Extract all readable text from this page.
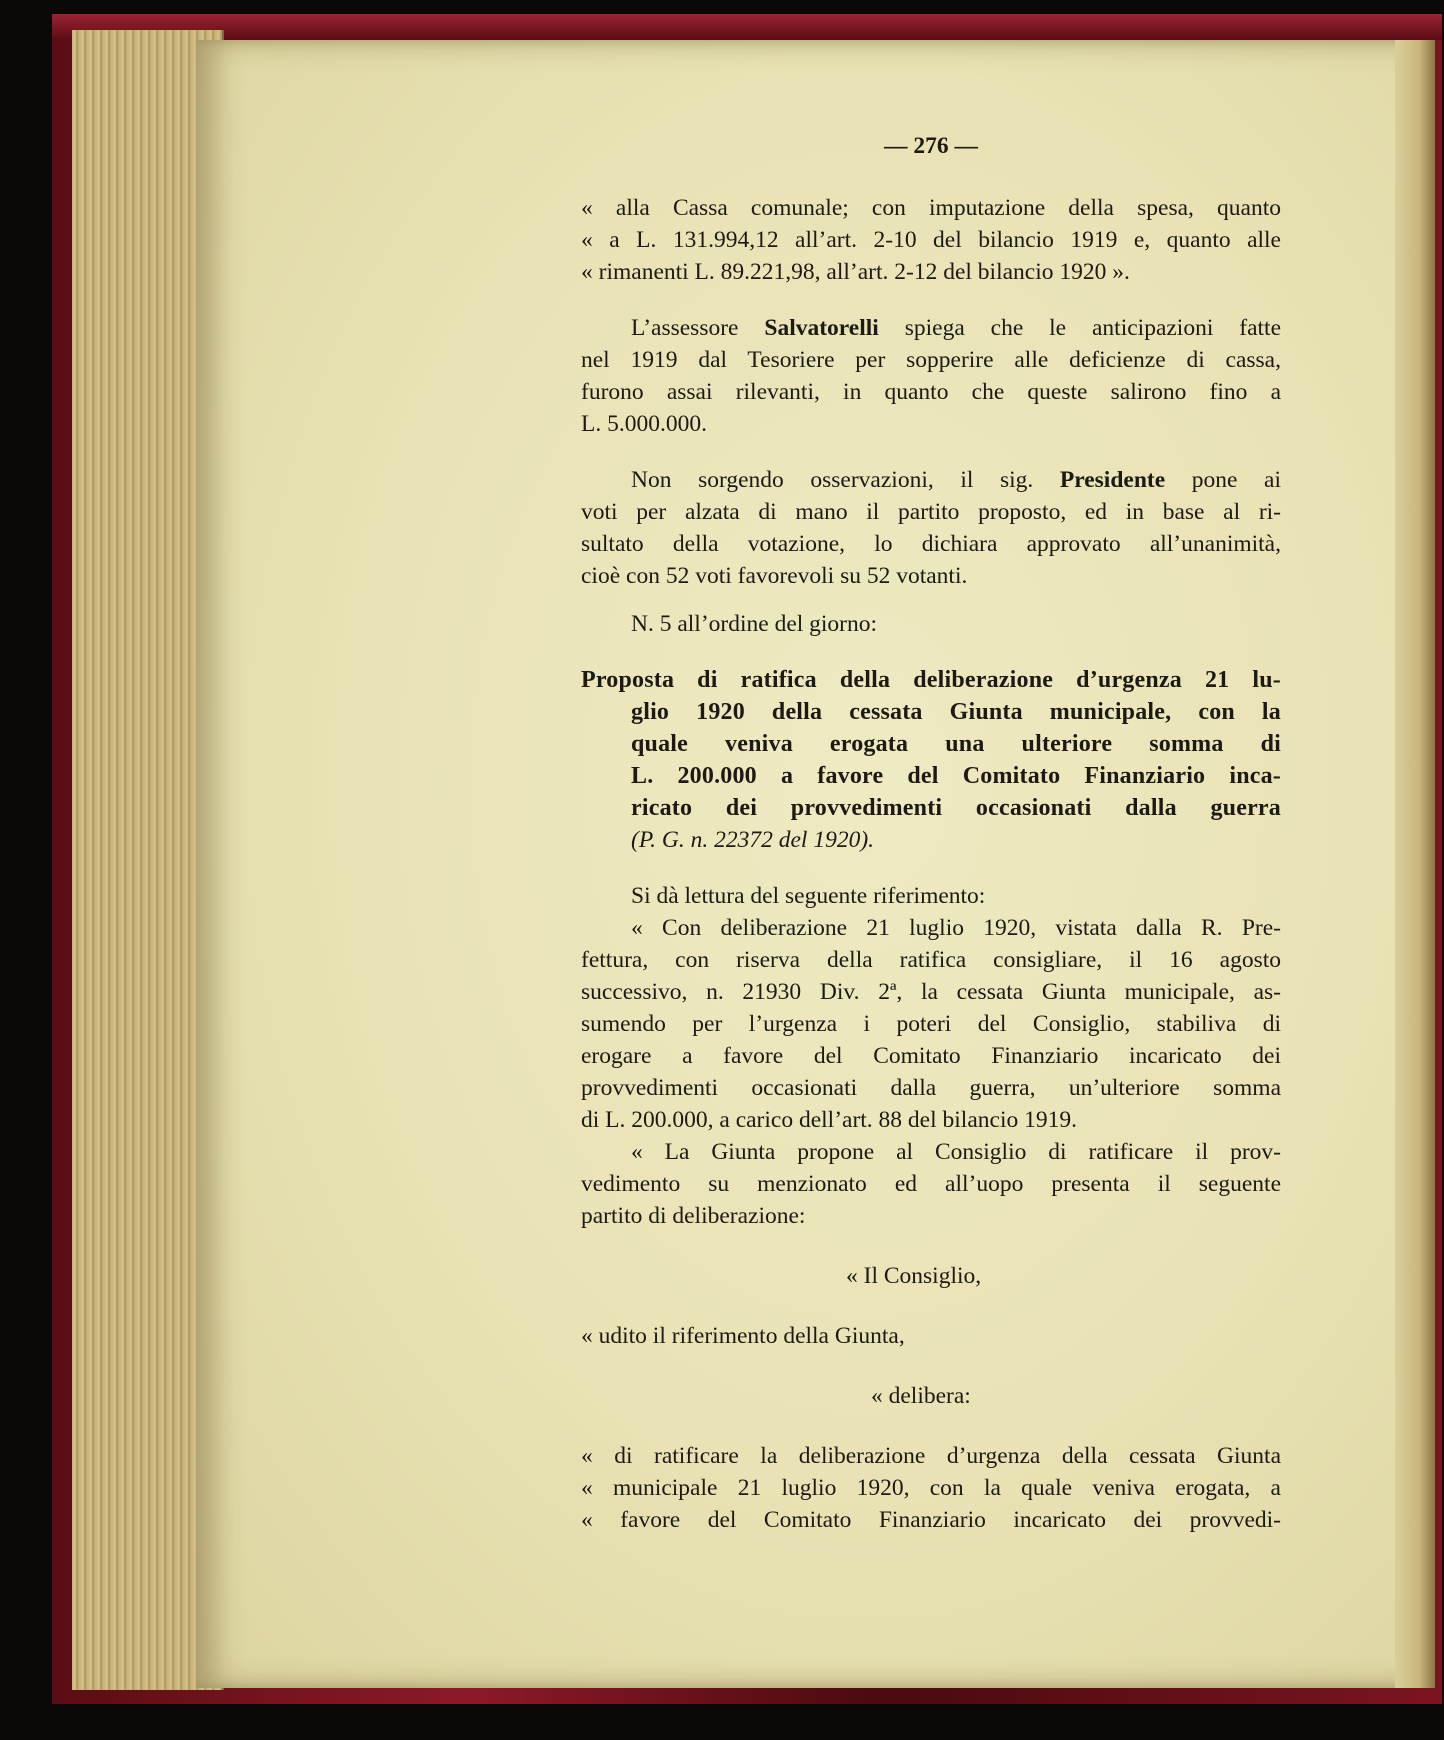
— 276 —
« alla Cassa comunale; con imputazione della spesa, quanto
« a L. 131.994,12 all’art. 2-10 del bilancio 1919 e, quanto alle
« rimanenti L. 89.221,98, all’art. 2-12 del bilancio 1920 ».
L’assessore Salvatorelli spiega che le anticipazioni fatte
nel 1919 dal Tesoriere per sopperire alle deficienze di cassa,
furono assai rilevanti, in quanto che queste salirono fino a
L. 5.000.000.
Non sorgendo osservazioni, il sig. Presidente pone ai
voti per alzata di mano il partito proposto, ed in base al ri-
sultato della votazione, lo dichiara approvato all’unanimità,
cioè con 52 voti favorevoli su 52 votanti.
N. 5 all’ordine del giorno:
Proposta di ratifica della deliberazione d’urgenza 21 lu-
glio 1920 della cessata Giunta municipale, con la
quale veniva erogata una ulteriore somma di
L. 200.000 a favore del Comitato Finanziario inca-
ricato dei provvedimenti occasionati dalla guerra
(P. G. n. 22372 del 1920).
Si dà lettura del seguente riferimento:
« Con deliberazione 21 luglio 1920, vistata dalla R. Pre-
fettura, con riserva della ratifica consigliare, il 16 agosto
successivo, n. 21930 Div. 2ª, la cessata Giunta municipale, as-
sumendo per l’urgenza i poteri del Consiglio, stabiliva di
erogare a favore del Comitato Finanziario incaricato dei
provvedimenti occasionati dalla guerra, un’ulteriore somma
di L. 200.000, a carico dell’art. 88 del bilancio 1919.
« La Giunta propone al Consiglio di ratificare il prov-
vedimento su menzionato ed all’uopo presenta il seguente
partito di deliberazione:
« Il Consiglio,
« udito il riferimento della Giunta,
« delibera:
« di ratificare la deliberazione d’urgenza della cessata Giunta
« municipale 21 luglio 1920, con la quale veniva erogata, a
« favore del Comitato Finanziario incaricato dei provvedi-
